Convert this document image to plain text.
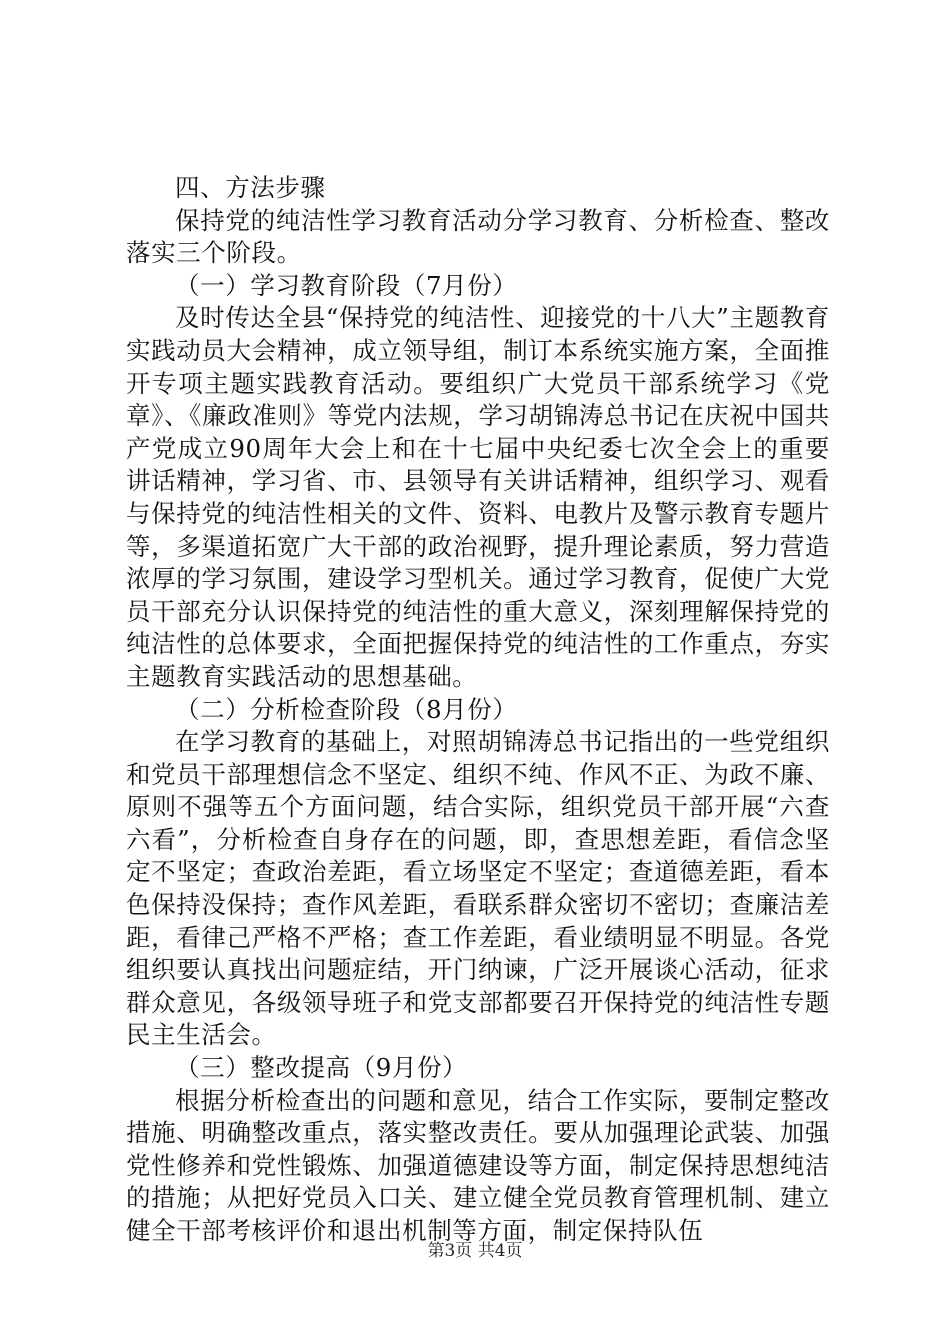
四、方法步骤

保持党的纯洁性学习教育活动分学习教育、分析检查、整改落实三个阶段。

（一）学习教育阶段（7月份）

及时传达全县“保持党的纯洁性、迎接党的十八大”主题教育实践动员大会精神，成立领导组，制订本系统实施方案，全面推开专项主题实践教育活动。要组织广大党员干部系统学习《党章》、《廉政准则》等党内法规，学习胡锦涛总书记在庆祝中国共产党成立90周年大会上和在十七届中央纪委七次全会上的重要讲话精神，学习省、市、县领导有关讲话精神，组织学习、观看与保持党的纯洁性相关的文件、资料、电教片及警示教育专题片等，多渠道拓宽广大干部的政治视野，提升理论素质，努力营造浓厚的学习氛围，建设学习型机关。通过学习教育，促使广大党员干部充分认识保持党的纯洁性的重大意义，深刻理解保持党的纯洁性的总体要求，全面把握保持党的纯洁性的工作重点，夯实主题教育实践活动的思想基础。

（二）分析检查阶段（8月份）

在学习教育的基础上，对照胡锦涛总书记指出的一些党组织和党员干部理想信念不坚定、组织不纯、作风不正、为政不廉、原则不强等五个方面问题，结合实际，组织党员干部开展“六查六看”，分析检查自身存在的问题，即，查思想差距，看信念坚定不坚定；查政治差距，看立场坚定不坚定；查道德差距，看本色保持没保持；查作风差距，看联系群众密切不密切；查廉洁差距，看律己严格不严格；查工作差距，看业绩明显不明显。各党组织要认真找出问题症结，开门纳谏，广泛开展谈心活动，征求群众意见，各级领导班子和党支部都要召开保持党的纯洁性专题民主生活会。

（三）整改提高（9月份）

根据分析检查出的问题和意见，结合工作实际，要制定整改措施、明确整改重点，落实整改责任。要从加强理论武装、加强党性修养和党性锻炼、加强道德建设等方面，制定保持思想纯洁的措施；从把好党员入口关、建立健全党员教育管理机制、建立健全干部考核评价和退出机制等方面，制定保持队伍

第3页 共4页
